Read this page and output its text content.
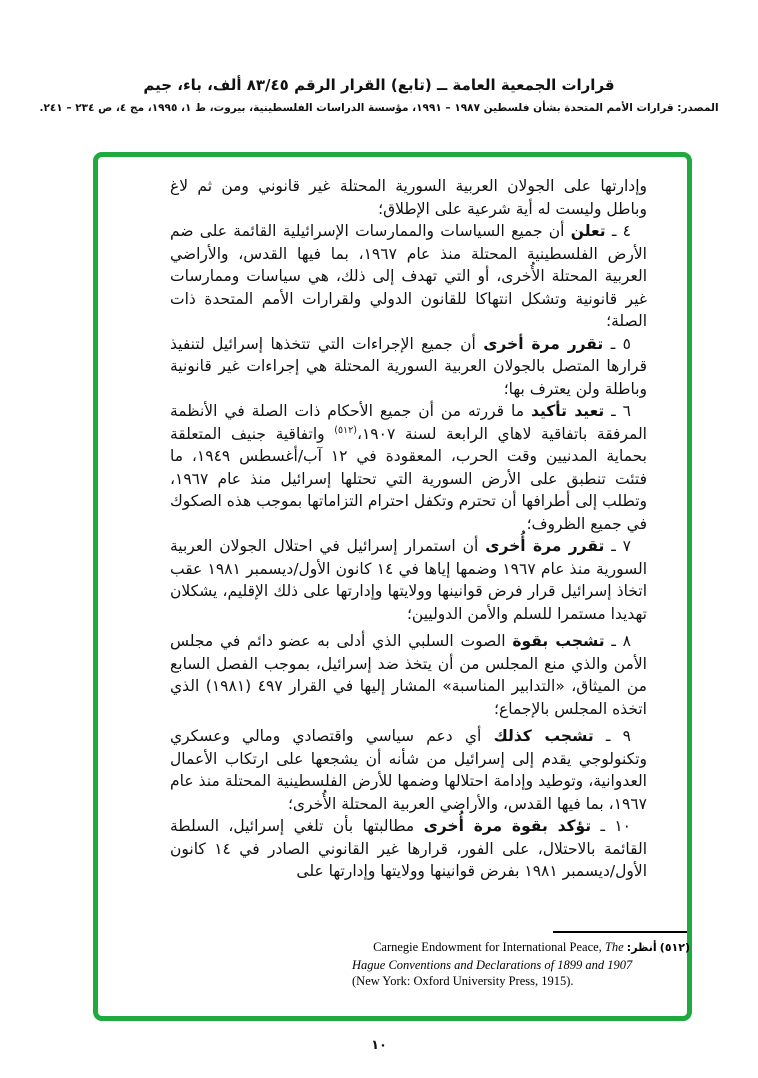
قرارات الجمعية العامة ــ (تابع) القرار الرقم ٨٣/٤٥ ألف، باء، جيم
المصدر: قرارات الأمم المتحدة بشأن فلسطين ١٩٨٧ – ١٩٩١، مؤسسة الدراسات الفلسطينية، بيروت، ط ١، ١٩٩٥، مج ٤، ص ٢٣٤ – ٢٤١.

وإدارتها على الجولان العربية السورية المحتلة غير قانوني ومن ثم لاغ وباطل وليست له أية شرعية على الإطلاق؛

٤ ـ تعلن أن جميع السياسات والممارسات الإسرائيلية القائمة على ضم الأرض الفلسطينية المحتلة منذ عام ١٩٦٧، بما فيها القدس، والأراضي العربية المحتلة الأُخرى، أو التي تهدف إلى ذلك، هي سياسات وممارسات غير قانونية وتشكل انتهاكا للقانون الدولي ولقرارات الأمم المتحدة ذات الصلة؛

٥ ـ تقرر مرة أخرى أن جميع الإجراءات التي تتخذها إسرائيل لتنفيذ قرارها المتصل بالجولان العربية السورية المحتلة هي إجراءات غير قانونية وباطلة ولن يعترف بها؛

٦ ـ تعيد تأكيد ما قررته من أن جميع الأحكام ذات الصلة في الأنظمة المرفقة باتفاقية لاهاي الرابعة لسنة ١٩٠٧،$^{(٥١٢)}$ واتفاقية جنيف المتعلقة بحماية المدنيين وقت الحرب، المعقودة في ١٢ آب/أغسطس ١٩٤٩، ما فتئت تنطبق على الأرض السورية التي تحتلها إسرائيل منذ عام ١٩٦٧، وتطلب إلى أطرافها أن تحترم وتكفل احترام التزاماتها بموجب هذه الصكوك في جميع الظروف؛

٧ ـ تقرر مرة أُخرى أن استمرار إسرائيل في احتلال الجولان العربية السورية منذ عام ١٩٦٧ وضمها إياها في ١٤ كانون الأول/ديسمبر ١٩٨١ عقب اتخاذ إسرائيل قرار فرض قوانينها وولايتها وإدارتها على ذلك الإقليم، يشكلان تهديدا مستمرا للسلم والأمن الدوليين؛

٨ ـ تشجب بقوة الصوت السلبي الذي أدلى به عضو دائم في مجلس الأمن والذي منع المجلس من أن يتخذ ضد إسرائيل، بموجب الفصل السابع من الميثاق، «التدابير المناسبة» المشار إليها في القرار ٤٩٧ (١٩٨١) الذي اتخذه المجلس بالإجماع؛

٩ ـ تشجب كذلك أي دعم سياسي واقتصادي ومالي وعسكري وتكنولوجي يقدم إلى إسرائيل من شأنه أن يشجعها على ارتكاب الأعمال العدوانية، وتوطيد وإدامة احتلالها وضمها للأرض الفلسطينية المحتلة منذ عام ١٩٦٧، بما فيها القدس، والأراضي العربية المحتلة الأُخرى؛

١٠ ـ تؤكد بقوة مرة أُخرى مطالبتها بأن تلغي إسرائيل، السلطة القائمة بالاحتلال، على الفور، قرارها غير القانوني الصادر في ١٤ كانون الأول/ديسمبر ١٩٨١ بفرض قوانينها وولايتها وإدارتها على

(٥١٢) أنظر: Carnegie Endowment for International Peace, The
Hague Conventions and Declarations of 1899 and 1907
(New York: Oxford University Press, 1915).
١٠
